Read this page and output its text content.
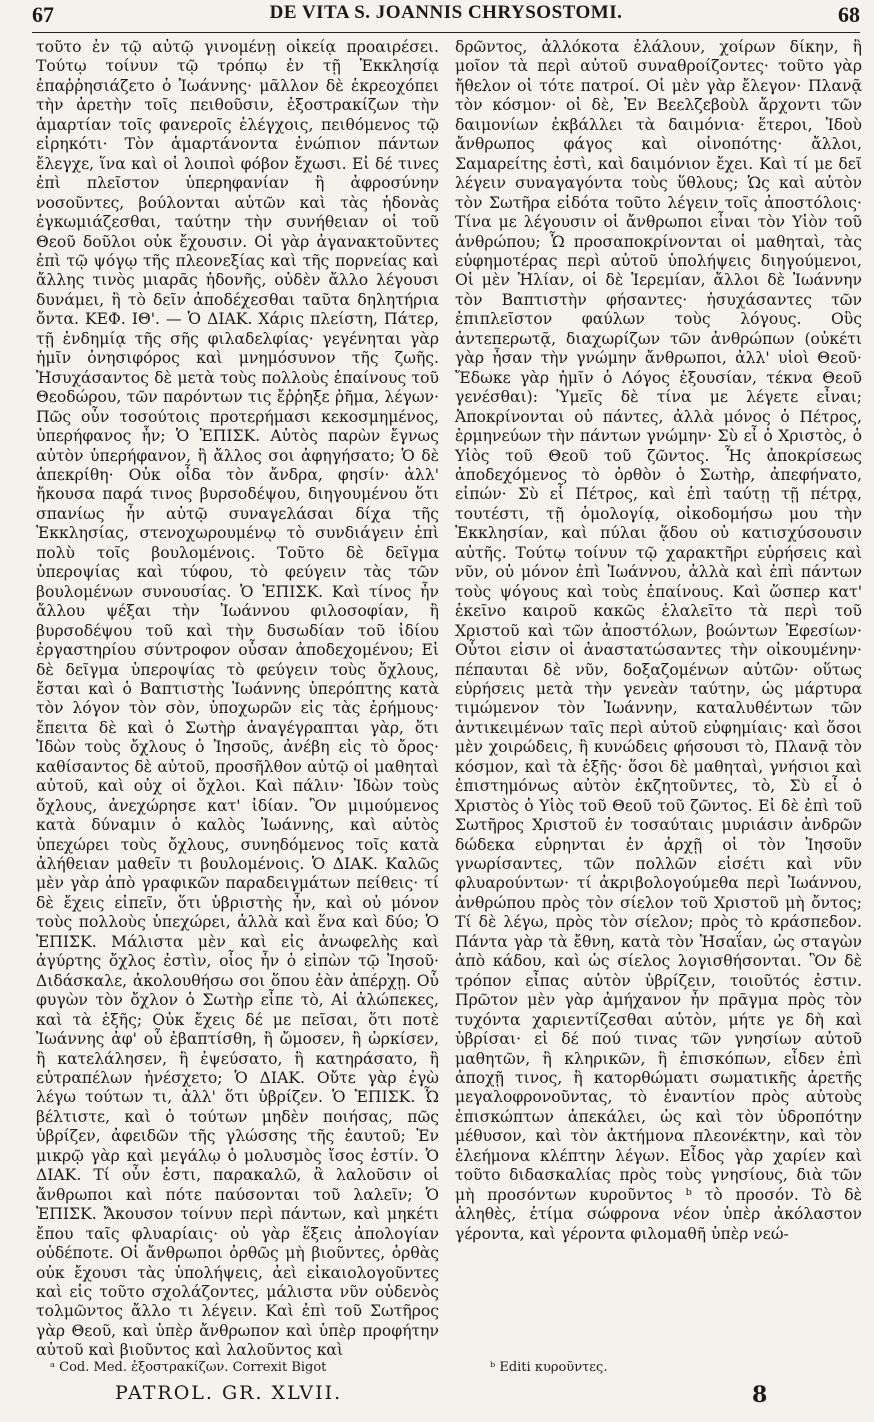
67	DE VITA S. JOANNIS CHRYSOSTOMI.	68

τοῦτο ἐν τῷ αὐτῷ γινομένῃ οἰκείᾳ προαιρέσει. Τούτῳ τοίνυν τῷ τρόπῳ ἐν τῇ Ἐκκλησίᾳ ἐπαῤῥησιάζετο ὁ Ἰωάννης· μᾶλλον δὲ ἐκρεοχόπει τὴν ἀρετὴν τοῖς πειθοῦσιν, ἐξοστρακίζων τὴν ἁμαρτίαν τοῖς φανεροῖς ἐλέγχοις, πειθόμενος τῷ εἰρηκότι· Τὸν ἁμαρτάνοντα ἐνώπιον πάντων ἔλεγχε, ἵνα καὶ οἱ λοιποὶ φόβον ἔχωσι. Εἰ δέ τινες ἐπὶ πλεῖστον ὑπερηφανίαν ἢ ἀφροσύνην νοσοῦντες, βούλονται αὐτῶν καὶ τὰς ἡδονὰς ἐγκωμιάζεσθαι, ταύτην τὴν συνήθειαν οἱ τοῦ Θεοῦ δοῦλοι οὐκ ἔχουσιν. Οἱ γὰρ ἀγανακτοῦντες ἐπὶ τῷ ψόγῳ τῆς πλεονεξίας καὶ τῆς πορνείας καὶ ἄλλης τινὸς μιαρᾶς ἡδονῆς, οὐδὲν ἄλλο λέγουσι δυνάμει, ἢ τὸ δεῖν ἀποδέχεσθαι ταῦτα δηλητήρια ὄντα. ΚΕΦ. ΙΘ'. — Ὁ ΔΙΑΚ. Χάρις πλείστη, Πάτερ, τῇ ἐνδημίᾳ τῆς σῆς φιλαδελφίας· γεγένηται γὰρ ἡμῖν ὀνησιφόρος καὶ μνημόσυνον τῆς ζωῆς. Ἡσυχάσαντος δὲ μετὰ τοὺς πολλοὺς ἐπαίνους τοῦ Θεοδώρου, τῶν παρόντων τις ἔῤῥηξε ῥῆμα, λέγων· Πῶς οὖν τοσούτοις προτερήμασι κεκοσμημένος, ὑπερήφανος ἦν; Ὁ ἘΠΙΣΚ. Αὐτὸς παρὼν ἔγνως αὐτὸν ὑπερήφανον, ἢ ἄλλος σοι ἀφηγήσατο; Ὁ δὲ ἀπεκρίθη· Οὐκ οἶδα τὸν ἄνδρα, φησίν· ἀλλ' ἤκουσα παρά τινος βυρσοδέψου, διηγουμένου ὅτι σπανίως ἦν αὐτῷ συναγελάσαι δίχα τῆς Ἐκκλησίας, στενοχωρουμένῳ τὸ συνδιάγειν ἐπὶ πολὺ τοῖς βουλομένοις. Τοῦτο δὲ δεῖγμα ὑπεροψίας καὶ τύφου, τὸ φεύγειν τὰς τῶν βουλομένων συνουσίας. Ὁ ἘΠΙΣΚ. Καὶ τίνος ἦν ἄλλου ψέξαι τὴν Ἰωάννου φιλοσοφίαν, ἢ βυρσοδέψου τοῦ καὶ τὴν δυσωδίαν τοῦ ἰδίου ἐργαστηρίου σύντροφον οὖσαν ἀποδεχομένου; Εἰ δὲ δεῖγμα ὑπεροψίας τὸ φεύγειν τοὺς ὄχλους, ἔσται καὶ ὁ Βαπτιστὴς Ἰωάννης ὑπερόπτης κατὰ τὸν λόγον τὸν σὸν, ὑποχωρῶν εἰς τὰς ἐρήμους· ἔπειτα δὲ καὶ ὁ Σωτὴρ ἀναγέγραπται γὰρ, ὅτι Ἰδὼν τοὺς ὄχλους ὁ Ἰησοῦς, ἀνέβη εἰς τὸ ὄρος· καθίσαντος δὲ αὐτοῦ, προσῆλθον αὐτῷ οἱ μαθηταὶ αὐτοῦ, καὶ οὐχ οἱ ὄχλοι. Καὶ πάλιν· Ἰδὼν τοὺς ὄχλους, ἀνεχώρησε κατ' ἰδίαν. Ὃν μιμούμενος κατὰ δύναμιν ὁ καλὸς Ἰωάννης, καὶ αὐτὸς ὑπεχώρει τοὺς ὄχλους, συνηδόμενος τοῖς κατὰ ἀλήθειαν μαθεῖν τι βουλομένοις. Ὁ ΔΙΑΚ. Καλῶς μὲν γὰρ ἀπὸ γραφικῶν παραδειγμάτων πείθεις· τί δὲ ἔχεις εἰπεῖν, ὅτι ὑβριστὴς ἦν, καὶ οὐ μόνον τοὺς πολλοὺς ὑπεχώρει, ἀλλὰ καὶ ἕνα καὶ δύο; Ὁ ἘΠΙΣΚ. Μάλιστα μὲν καὶ εἰς ἀνωφελὴς καὶ ἀγύρτης ὄχλος ἐστὶν, οἷος ἦν ὁ εἰπὼν τῷ Ἰησοῦ· Διδάσκαλε, ἀκολουθήσω σοι ὅπου ἐὰν ἀπέρχῃ. Οὗ φυγὼν τὸν ὄχλον ὁ Σωτὴρ εἶπε τὸ, Αἱ ἀλώπεκες, καὶ τὰ ἑξῆς; Οὐκ ἔχεις δέ με πεῖσαι, ὅτι ποτὲ Ἰωάννης ἀφ' οὗ ἐβαπτίσθη, ἢ ὤμοσεν, ἢ ὠρκίσεν, ἢ κατελάλησεν, ἢ ἐψεύσατο, ἢ κατηράσατο, ἢ εὐτραπέλων ἠνέσχετο; Ὁ ΔΙΑΚ. Οὔτε γὰρ ἐγὼ λέγω τούτων τι, ἀλλ' ὅτι ὑβρίζεν. Ὁ ἘΠΙΣΚ. Ὦ βέλτιστε, καὶ ὁ τούτων μηδὲν ποιήσας, πῶς ὑβρίζεν, ἀφειδῶν τῆς γλώσσης τῆς ἑαυτοῦ; Ἐν μικρῷ γὰρ καὶ μεγάλῳ ὁ μολυσμὸς ἴσος ἐστίν. Ὁ ΔΙΑΚ. Τί οὖν ἐστι, παρακαλῶ, ἃ λαλοῦσιν οἱ ἄνθρωποι καὶ πότε παύσονται τοῦ λαλεῖν; Ὁ ἘΠΙΣΚ. Ἄκουσον τοίνυν περὶ πάντων, καὶ μηκέτι ἔπου ταῖς φλυαρίαις· οὐ γὰρ ἕξεις ἀπολογίαν οὐδέποτε. Οἱ ἄνθρωποι ὀρθῶς μὴ βιοῦντες, ὀρθὰς οὐκ ἔχουσι τὰς ὑπολήψεις, ἀεὶ εἰκαιολογοῦντες καὶ εἰς τοῦτο σχολάζοντες, μάλιστα νῦν οὐδενὸς τολμῶντος ἄλλο τι λέγειν. Καὶ ἐπὶ τοῦ Σωτῆρος γὰρ Θεοῦ, καὶ ὑπὲρ ἄνθρωπον καὶ ὑπὲρ προφήτην αὐτοῦ καὶ βιοῦντος καὶ λαλοῦντος καὶ

δρῶντος, ἀλλόκοτα ἐλάλουν, χοίρων δίκην, ἢ μοῖον τὰ περὶ αὐτοῦ συναθροίζοντες· τοῦτο γὰρ ἤθελον οἱ τότε πατροί. Οἱ μὲν γὰρ ἔλεγον· Πλανᾷ τὸν κόσμον· οἱ δὲ, Ἐν Βεελζεβοὺλ ἄρχοντι τῶν δαιμονίων ἐκβάλλει τὰ δαιμόνια· ἕτεροι, Ἰδοὺ ἄνθρωπος φάγος καὶ οἰνοπότης· ἄλλοι, Σαμαρείτης ἐστὶ, καὶ δαιμόνιον ἔχει. Καὶ τί με δεῖ λέγειν συναγαγόντα τοὺς ὕθλους; Ὡς καὶ αὐτὸν τὸν Σωτῆρα εἰδότα τοῦτο λέγειν τοῖς ἀποστόλοις· Τίνα με λέγουσιν οἱ ἄνθρωποι εἶναι τὸν Υἱὸν τοῦ ἀνθρώπου; Ὧ προσαποκρίνονται οἱ μαθηταὶ, τὰς εὐφημοτέρας περὶ αὐτοῦ ὑπολήψεις διηγούμενοι, Οἱ μὲν Ἠλίαν, οἱ δὲ Ἱερεμίαν, ἄλλοι δὲ Ἰωάννην τὸν Βαπτιστὴν φήσαντες· ἡσυχάσαντες τῶν ἐπιπλεῖστον φαύλων τοὺς λόγους. Οὓς ἀντεπερωτᾷ, διαχωρίζων τῶν ἀνθρώπων (οὐκέτι γὰρ ἦσαν τὴν γνώμην ἄνθρωποι, ἀλλ' υἱοὶ Θεοῦ· Ἔδωκε γὰρ ἡμῖν ὁ Λόγος ἐξουσίαν, τέκνα Θεοῦ γενέσθαι): Ὑμεῖς δὲ τίνα με λέγετε εἶναι; Ἀποκρίνονται οὐ πάντες, ἀλλὰ μόνος ὁ Πέτρος, ἑρμηνεύων τὴν πάντων γνώμην· Σὺ εἶ ὁ Χριστὸς, ὁ Υἱὸς τοῦ Θεοῦ τοῦ ζῶντος. Ἧς ἀποκρίσεως ἀποδεχόμενος τὸ ὀρθὸν ὁ Σωτὴρ, ἀπεφήνατο, εἰπών· Σὺ εἶ Πέτρος, καὶ ἐπὶ ταύτῃ τῇ πέτρᾳ, τουτέστι, τῇ ὁμολογίᾳ, οἰκοδομήσω μου τὴν Ἐκκλησίαν, καὶ πύλαι ᾅδου οὐ κατισχύσουσιν αὐτῆς. Τούτῳ τοίνυν τῷ χαρακτῆρι εὑρήσεις καὶ νῦν, οὐ μόνον ἐπὶ Ἰωάννου, ἀλλὰ καὶ ἐπὶ πάντων τοὺς ψόγους καὶ τοὺς ἐπαίνους. Καὶ ὥσπερ κατ' ἐκεῖνο καιροῦ κακῶς ἐλαλεῖτο τὰ περὶ τοῦ Χριστοῦ καὶ τῶν ἀποστόλων, βοώντων Ἐφεσίων· Οὗτοι εἰσιν οἱ ἀναστατώσαντες τὴν οἰκουμένην· πέπαυται δὲ νῦν, δοξαζομένων αὐτῶν· οὕτως εὑρήσεις μετὰ τὴν γενεὰν ταύτην, ὡς μάρτυρα τιμώμενον τὸν Ἰωάννην, καταλυθέντων τῶν ἀντικειμένων ταῖς περὶ αὐτοῦ εὐφημίαις· καὶ ὅσοι μὲν χοιρώδεις, ἢ κυνώδεις φήσουσι τὸ, Πλανᾷ τὸν κόσμον, καὶ τὰ ἑξῆς· ὅσοι δὲ μαθηταὶ, γνήσιοι καὶ ἐπιστημόνως αὐτὸν ἐκζητοῦντες, τὸ, Σὺ εἶ ὁ Χριστὸς ὁ Υἱὸς τοῦ Θεοῦ τοῦ ζῶντος. Εἰ δὲ ἐπὶ τοῦ Σωτῆρος Χριστοῦ ἐν τοσαύταις μυριάσιν ἀνδρῶν δώδεκα εὑρηνται ἐν ἀρχῇ οἱ τὸν Ἰησοῦν γνωρίσαντες, τῶν πολλῶν εἰσέτι καὶ νῦν φλυαρούντων· τί ἀκριβολογούμεθα περὶ Ἰωάννου, ἀνθρώπου πρὸς τὸν σίελον τοῦ Χριστοῦ μὴ ὄντος; Τί δὲ λέγω, πρὸς τὸν σίελον; πρὸς τὸ κράσπεδον. Πάντα γὰρ τὰ ἔθνη, κατὰ τὸν Ἡσαΐαν, ὡς σταγὼν ἀπὸ κάδου, καὶ ὡς σίελος λογισθήσονται. Ὃν δὲ τρόπον εἶπας αὐτὸν ὑβρίζειν, τοιοῦτός ἐστιν. Πρῶτον μὲν γὰρ ἀμήχανον ἦν πρᾶγμα πρὸς τὸν τυχόντα χαριεντίζεσθαι αὐτὸν, μήτε γε δὴ καὶ ὑβρίσαι· εἰ δέ πού τινας τῶν γνησίων αὐτοῦ μαθητῶν, ἢ κληρικῶν, ἢ ἐπισκόπων, εἶδεν ἐπὶ ἀποχῇ τινος, ἢ κατορθώματι σωματικῆς ἀρετῆς μεγαλοφρονοῦντας, τὸ ἐναντίον πρὸς αὐτοὺς ἐπισκώπτων ἀπεκάλει, ὡς καὶ τὸν ὑδροπότην μέθυσον, καὶ τὸν ἀκτήμονα πλεονέκτην, καὶ τὸν ἐλεήμονα κλέπτην λέγων. Εἶδος γὰρ χαρίεν καὶ τοῦτο διδασκαλίας πρὸς τοὺς γνησίους, διὰ τῶν μὴ προσόντων κυροῦντος ᵇ τὸ προσόν. Τὸ δὲ ἀληθὲς, ἐτίμα σώφρονα νέον ὑπὲρ ἀκόλαστον γέροντα, καὶ γέροντα φιλομαθῆ ὑπὲρ νεώ-

ᵃ Cod. Med. ἐξοστρακίζων. Correxit Bigot	ᵇ Editi κυροῦντες.
PATROL. GR. XLVII.	8
